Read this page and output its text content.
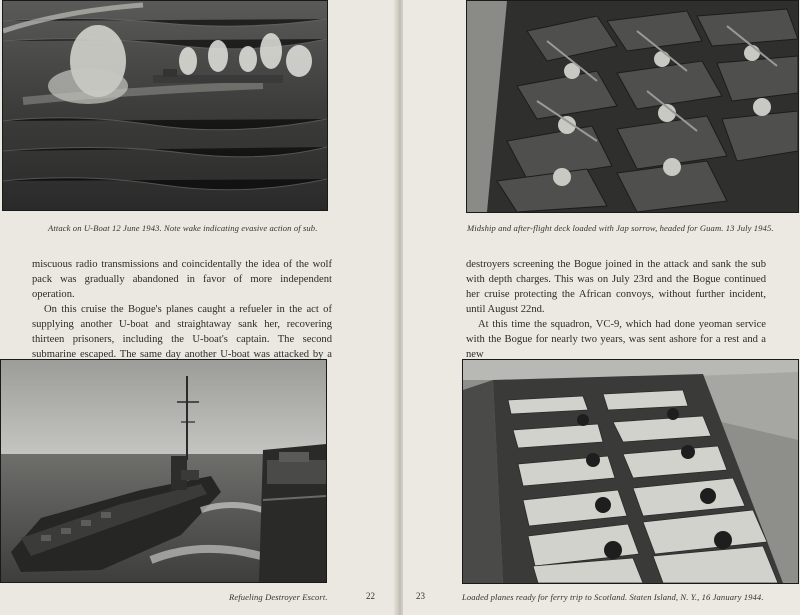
Attack on U-Boat 12 June 1943. Note wake indicating evasive action of sub.

miscuous radio transmissions and coincidentally the idea of the wolf pack was gradually abandoned in favor of more independent operation.

On this cruise the Bogue's planes caught a refueler in the act of supplying another U-boat and straightaway sank her, recovering thirteen prisoners, including the U-boat's captain. The second submarine escaped. The same day another U-boat was attacked by a

Refueling Destroyer Escort.	22
Midship and after-flight deck loaded with Jap sorrow, headed for Guam. 13 July 1945.

destroyers screening the Bogue joined in the attack and sank the sub with depth charges. This was on July 23rd and the Bogue continued her cruise protecting the African convoys, without further incident, until August 22nd.

At this time the squadron, VC-9, which had done yeoman service with the Bogue for nearly two years, was sent ashore for a rest and a new

Loaded planes ready for ferry trip to Scotland. Staten Island, N. Y., 16 January 1944.
23
